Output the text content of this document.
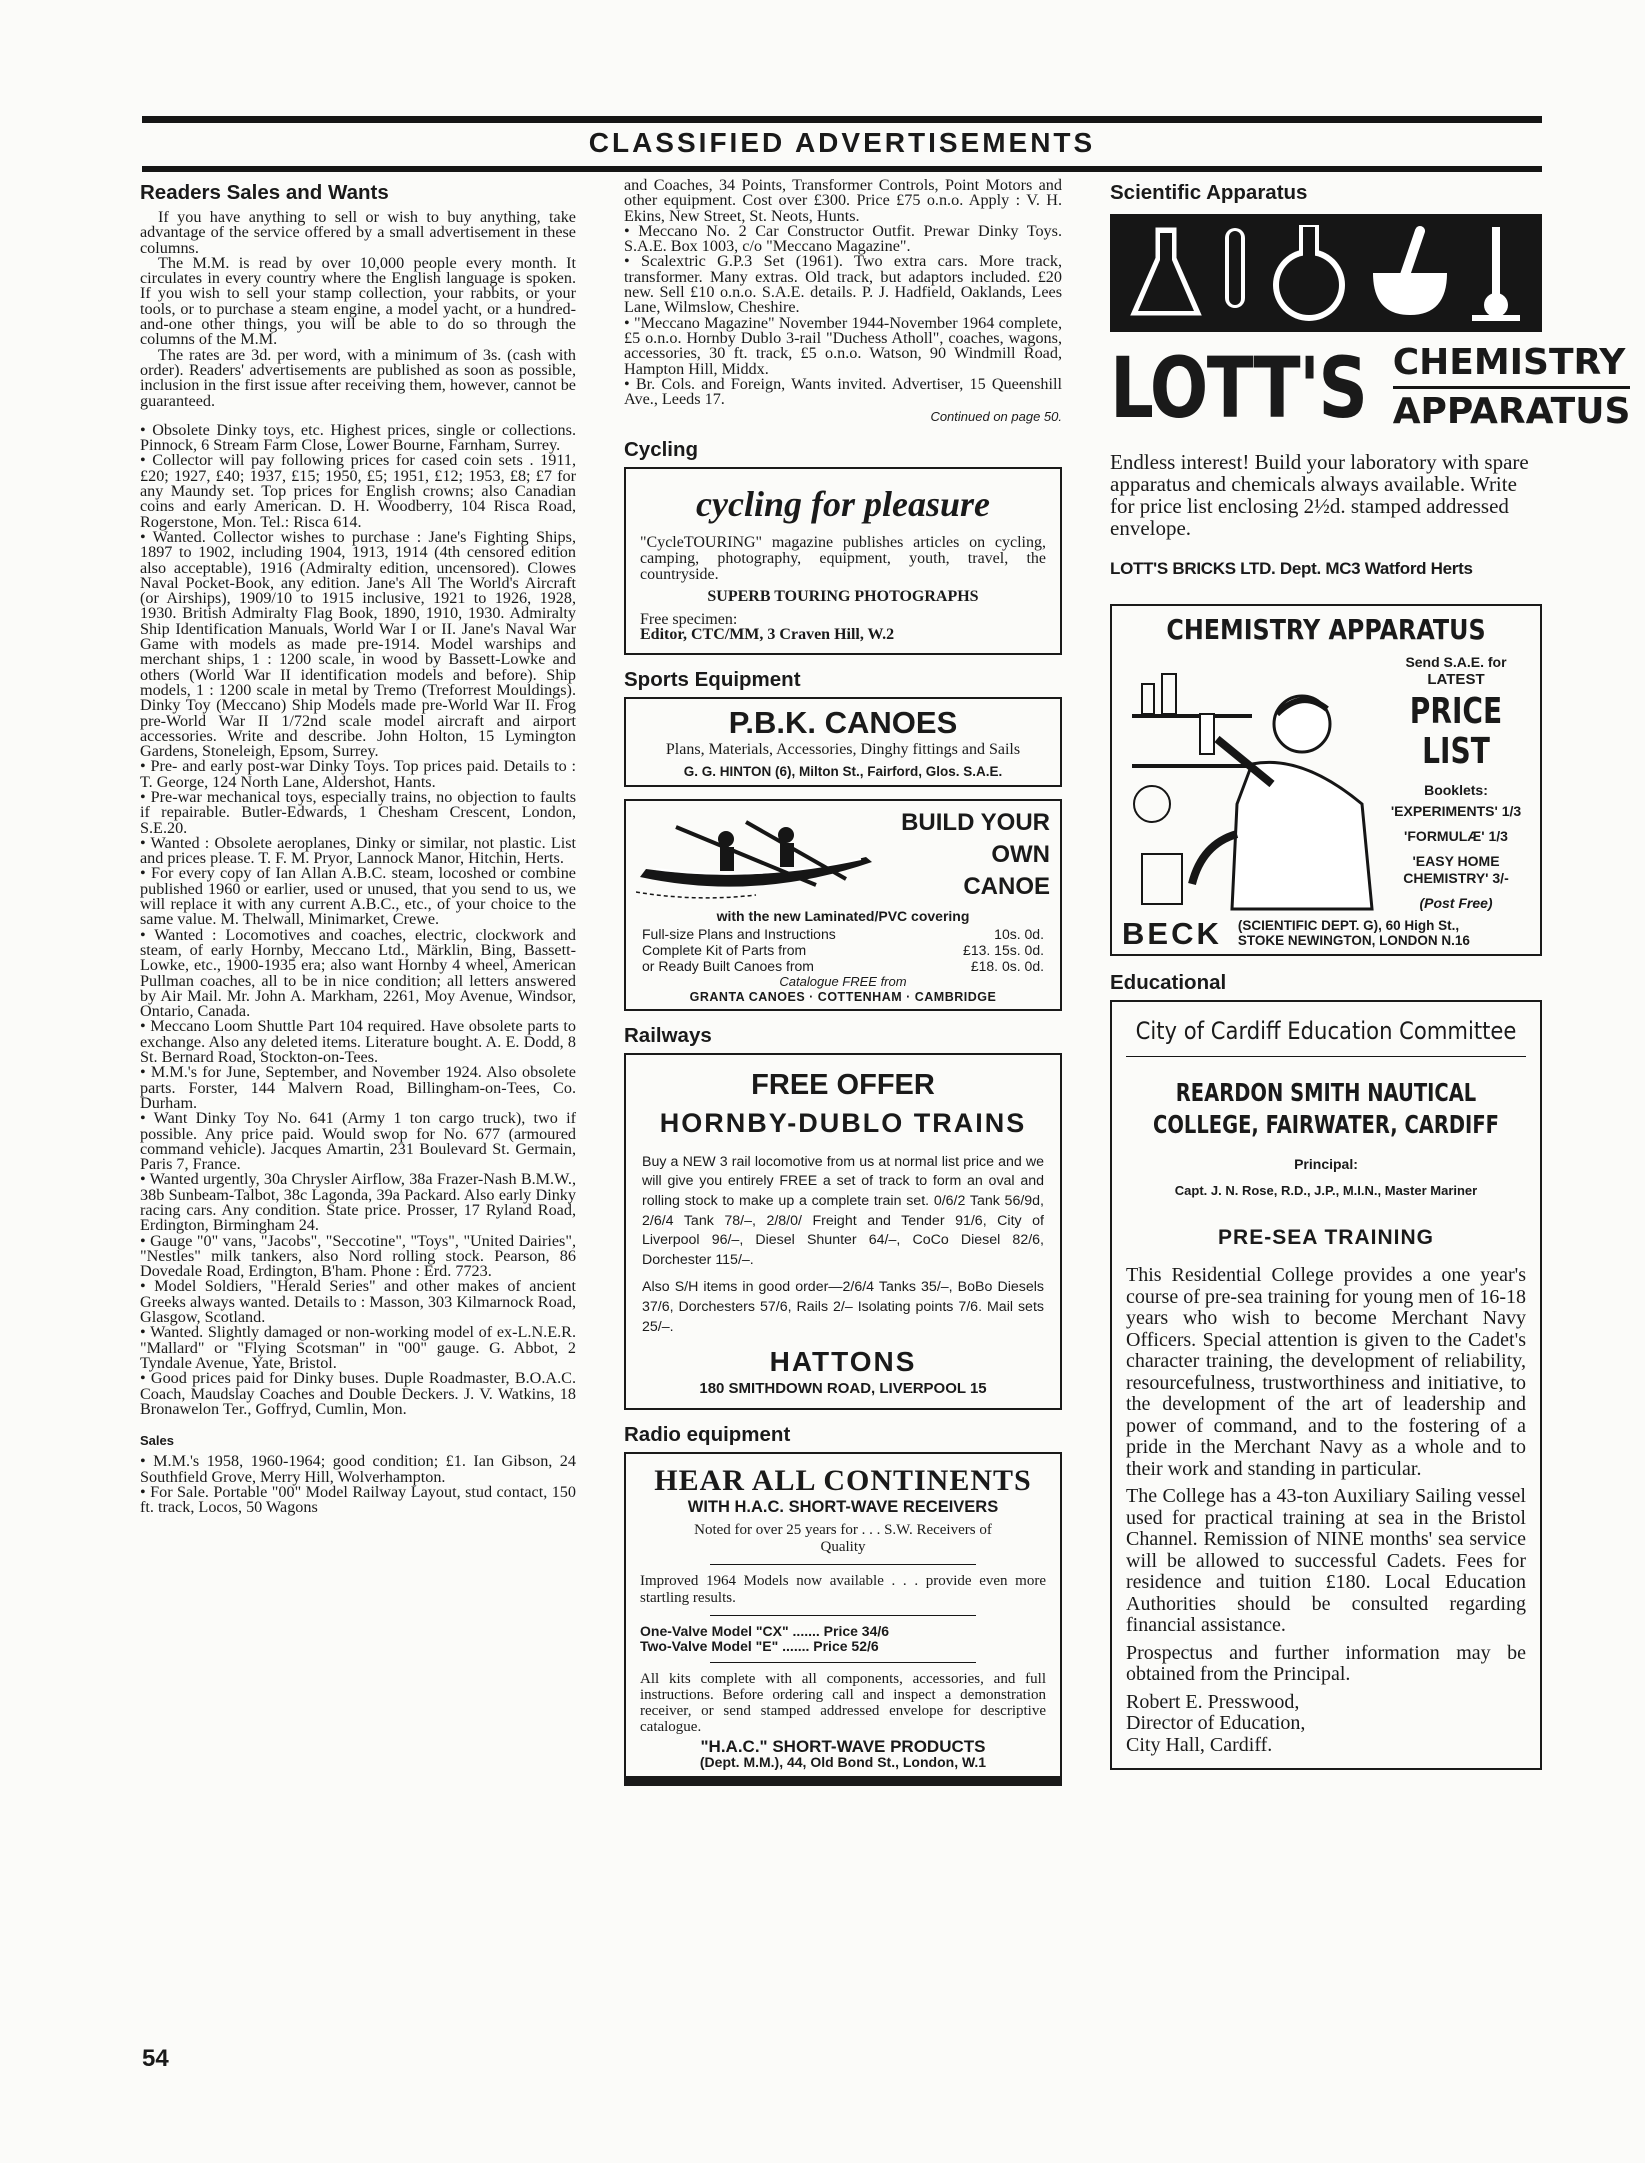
CLASSIFIED ADVERTISEMENTS
Readers Sales and Wants

If you have anything to sell or wish to buy anything, take advantage of the service offered by a small advertisement in these columns.

The M.M. is read by over 10,000 people every month. It circulates in every country where the English language is spoken. If you wish to sell your stamp collection, your rabbits, or your tools, or to purchase a steam engine, a model yacht, or a hundred-and-one other things, you will be able to do so through the columns of the M.M.

The rates are 3d. per word, with a minimum of 3s. (cash with order). Readers' advertisements are published as soon as possible, inclusion in the first issue after receiving them, however, cannot be guaranteed.

• Obsolete Dinky toys, etc. Highest prices, single or collections. Pinnock, 6 Stream Farm Close, Lower Bourne, Farnham, Surrey.

• Collector will pay following prices for cased coin sets . 1911, £20; 1927, £40; 1937, £15; 1950, £5; 1951, £12; 1953, £8; £7 for any Maundy set. Top prices for English crowns; also Canadian coins and early American. D. H. Woodberry, 104 Risca Road, Rogerstone, Mon. Tel.: Risca 614.

• Wanted. Collector wishes to purchase : Jane's Fighting Ships, 1897 to 1902, including 1904, 1913, 1914 (4th censored edition also acceptable), 1916 (Admiralty edition, uncensored). Clowes Naval Pocket-Book, any edition. Jane's All The World's Aircraft (or Airships), 1909/10 to 1915 inclusive, 1921 to 1926, 1928, 1930. British Admiralty Flag Book, 1890, 1910, 1930. Admiralty Ship Identification Manuals, World War I or II. Jane's Naval War Game with models as made pre-1914. Model warships and merchant ships, 1 : 1200 scale, in wood by Bassett-Lowke and others (World War II identification models and before). Ship models, 1 : 1200 scale in metal by Tremo (Treforrest Mouldings). Dinky Toy (Meccano) Ship Models made pre-World War II. Frog pre-World War II 1/72nd scale model aircraft and airport accessories. Write and describe. John Holton, 15 Lymington Gardens, Stoneleigh, Epsom, Surrey.

• Pre- and early post-war Dinky Toys. Top prices paid. Details to : T. George, 124 North Lane, Aldershot, Hants.

• Pre-war mechanical toys, especially trains, no objection to faults if repairable. Butler-Edwards, 1 Chesham Crescent, London, S.E.20.

• Wanted : Obsolete aeroplanes, Dinky or similar, not plastic. List and prices please. T. F. M. Pryor, Lannock Manor, Hitchin, Herts.

• For every copy of Ian Allan A.B.C. steam, locoshed or combine published 1960 or earlier, used or unused, that you send to us, we will replace it with any current A.B.C., etc., of your choice to the same value. M. Thelwall, Minimarket, Crewe.

• Wanted : Locomotives and coaches, electric, clockwork and steam, of early Hornby, Meccano Ltd., Märklin, Bing, Bassett-Lowke, etc., 1900-1935 era; also want Hornby 4 wheel, American Pullman coaches, all to be in nice condition; all letters answered by Air Mail. Mr. John A. Markham, 2261, Moy Avenue, Windsor, Ontario, Canada.

• Meccano Loom Shuttle Part 104 required. Have obsolete parts to exchange. Also any deleted items. Literature bought. A. E. Dodd, 8 St. Bernard Road, Stockton-on-Tees.

• M.M.'s for June, September, and November 1924. Also obsolete parts. Forster, 144 Malvern Road, Billingham-on-Tees, Co. Durham.

• Want Dinky Toy No. 641 (Army 1 ton cargo truck), two if possible. Any price paid. Would swop for No. 677 (armoured command vehicle). Jacques Amartin, 231 Boulevard St. Germain, Paris 7, France.

• Wanted urgently, 30a Chrysler Airflow, 38a Frazer-Nash B.M.W., 38b Sunbeam-Talbot, 38c Lagonda, 39a Packard. Also early Dinky racing cars. Any condition. State price. Prosser, 17 Ryland Road, Erdington, Birmingham 24.

• Gauge "0" vans, "Jacobs", "Seccotine", "Toys", "United Dairies", "Nestles" milk tankers, also Nord rolling stock. Pearson, 86 Dovedale Road, Erdington, B'ham. Phone : Erd. 7723.

• Model Soldiers, "Herald Series" and other makes of ancient Greeks always wanted. Details to : Masson, 303 Kilmarnock Road, Glasgow, Scotland.

• Wanted. Slightly damaged or non-working model of ex-L.N.E.R. "Mallard" or "Flying Scotsman" in "00" gauge. G. Abbot, 2 Tyndale Avenue, Yate, Bristol.

• Good prices paid for Dinky buses. Duple Roadmaster, B.O.A.C. Coach, Maudslay Coaches and Double Deckers. J. V. Watkins, 18 Bronawelon Ter., Goffryd, Cumlin, Mon.

Sales

• M.M.'s 1958, 1960-1964; good condition; £1. Ian Gibson, 24 Southfield Grove, Merry Hill, Wolverhampton.

• For Sale. Portable "00" Model Railway Layout, stud contact, 150 ft. track, Locos, 50 Wagons

and Coaches, 34 Points, Transformer Controls, Point Motors and other equipment. Cost over £300. Price £75 o.n.o. Apply : V. H. Ekins, New Street, St. Neots, Hunts.

• Meccano No. 2 Car Constructor Outfit. Prewar Dinky Toys. S.A.E. Box 1003, c/o "Meccano Magazine".

• Scalextric G.P.3 Set (1961). Two extra cars. More track, transformer. Many extras. Old track, but adaptors included. £20 new. Sell £10 o.n.o. S.A.E. details. P. J. Hadfield, Oaklands, Lees Lane, Wilmslow, Cheshire.

• "Meccano Magazine" November 1944-November 1964 complete, £5 o.n.o. Hornby Dublo 3-rail "Duchess Atholl", coaches, wagons, accessories, 30 ft. track, £5 o.n.o. Watson, 90 Windmill Road, Hampton Hill, Middx.

• Br. Cols. and Foreign, Wants invited. Advertiser, 15 Queenshill Ave., Leeds 17.

Continued on page 50.
Cycling
cycling for pleasure

"CycleTOURING" magazine publishes articles on cycling, camping, photography, equipment, youth, travel, the countryside.

SUPERB TOURING PHOTOGRAPHS

Free specimen:

Editor, CTC/MM, 3 Craven Hill, W.2

Sports Equipment
P.B.K. CANOES

Plans, Materials, Accessories, Dinghy fittings and Sails

G. G. HINTON (6), Milton St., Fairford, Glos. S.A.E.

BUILD YOUR
OWN
CANOE
with the new Laminated/PVC covering
Full-size Plans and Instructions	10s. 0d.
Complete Kit of Parts from	£13. 15s. 0d.
or Ready Built Canoes from	£18. 0s. 0d.
Catalogue FREE from
GRANTA CANOES · COTTENHAM · CAMBRIDGE
Railways
FREE OFFER
HORNBY-DUBLO TRAINS

Buy a NEW 3 rail locomotive from us at normal list price and we will give you entirely FREE a set of track to form an oval and rolling stock to make up a complete train set. 0/6/2 Tank 56/9d, 2/6/4 Tank 78/–, 2/8/0/ Freight and Tender 91/6, City of Liverpool 96/–, Diesel Shunter 64/–, CoCo Diesel 82/6, Dorchester 115/–.

Also S/H items in good order—2/6/4 Tanks 35/–, BoBo Diesels 37/6, Dorchesters 57/6, Rails 2/– Isolating points 7/6. Mail sets 25/–.

HATTONS
180 SMITHDOWN ROAD, LIVERPOOL 15
Radio equipment
HEAR ALL CONTINENTS
WITH H.A.C. SHORT-WAVE RECEIVERS

Noted for over 25 years for . . . S.W. Receivers of Quality

Improved 1964 Models now available . . . provide even more startling results.

One-Valve Model "CX" ....... Price 34/6

Two-Valve Model "E" ....... Price 52/6

All kits complete with all components, accessories, and full instructions. Before ordering call and inspect a demonstration receiver, or send stamped addressed envelope for descriptive catalogue.

"H.A.C." SHORT-WAVE PRODUCTS
(Dept. M.M.), 44, Old Bond St., London, W.1
Scientific Apparatus
LOTT'S CHEMISTRY
APPARATUS

Endless interest! Build your laboratory with spare apparatus and chemicals always available. Write for price list enclosing 2½d. stamped addressed envelope.

LOTT'S BRICKS LTD. Dept. MC3 Watford Herts

CHEMISTRY APPARATUS
Send S.A.E. for
LATEST
PRICE LIST
Booklets:
'EXPERIMENTS' 1/3
'FORMULÆ' 1/3
'EASY HOME CHEMISTRY' 3/-
(Post Free)
BECK (SCIENTIFIC DEPT. G), 60 High St.,
STOKE NEWINGTON, LONDON N.16
Educational
City of Cardiff Education Committee
REARDON SMITH NAUTICAL
COLLEGE, FAIRWATER, CARDIFF
Principal:
Capt. J. N. Rose, R.D., J.P., M.I.N., Master Mariner
PRE-SEA TRAINING

This Residential College provides a one year's course of pre-sea training for young men of 16-18 years who wish to become Merchant Navy Officers. Special attention is given to the Cadet's character training, the development of reliability, resourcefulness, trustworthiness and initiative, to the development of the art of leadership and power of command, and to the fostering of a pride in the Merchant Navy as a whole and to their work and standing in particular.

The College has a 43-ton Auxiliary Sailing vessel used for practical training at sea in the Bristol Channel. Remission of NINE months' sea service will be allowed to successful Cadets. Fees for residence and tuition £180. Local Education Authorities should be consulted regarding financial assistance.

Prospectus and further information may be obtained from the Principal.

Robert E. Presswood,

Director of Education,

City Hall, Cardiff.

54
